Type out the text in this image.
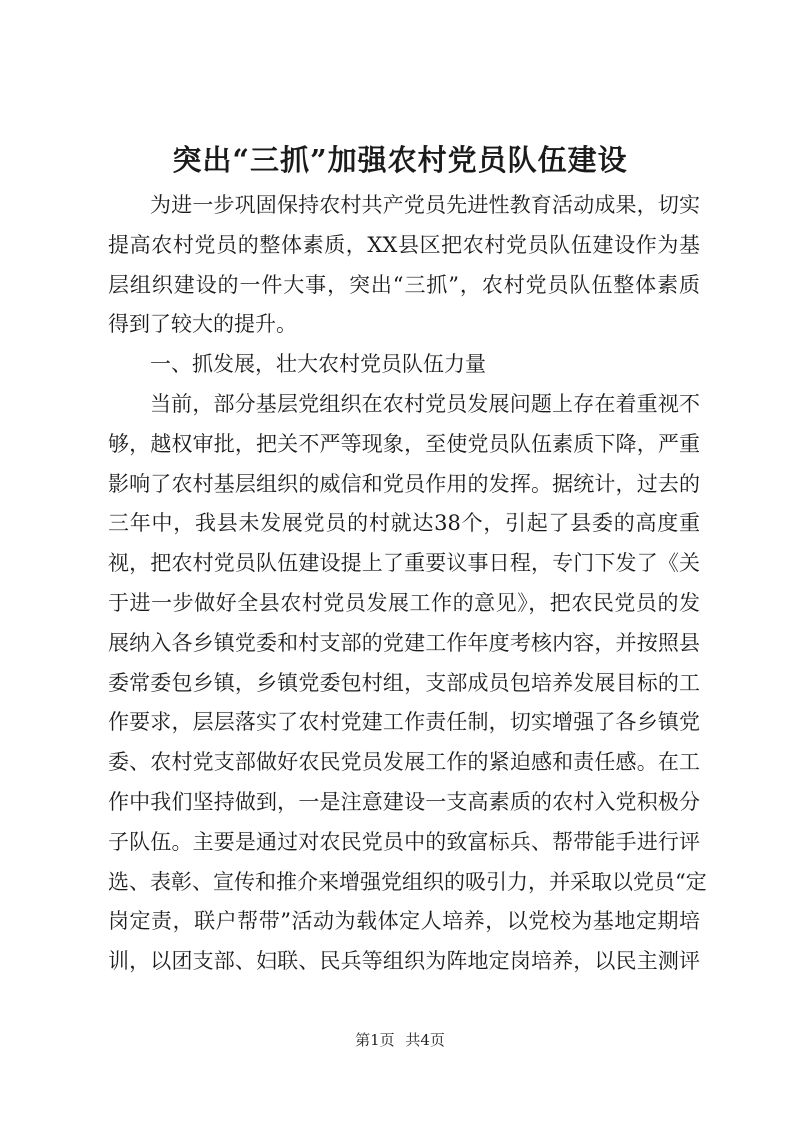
突出“三抓”加强农村党员队伍建设
为进一步巩固保持农村共产党员先进性教育活动成果，切实
提高农村党员的整体素质，XX县区把农村党员队伍建设作为基
层组织建设的一件大事，突出“三抓”，农村党员队伍整体素质
得到了较大的提升。
一、抓发展，壮大农村党员队伍力量
当前，部分基层党组织在农村党员发展问题上存在着重视不
够，越权审批，把关不严等现象，至使党员队伍素质下降，严重
影响了农村基层组织的威信和党员作用的发挥。据统计，过去的
三年中，我县未发展党员的村就达38个，引起了县委的高度重
视，把农村党员队伍建设提上了重要议事日程，专门下发了《关
于进一步做好全县农村党员发展工作的意见》，把农民党员的发
展纳入各乡镇党委和村支部的党建工作年度考核内容，并按照县
委常委包乡镇，乡镇党委包村组，支部成员包培养发展目标的工
作要求，层层落实了农村党建工作责任制，切实增强了各乡镇党
委、农村党支部做好农民党员发展工作的紧迫感和责任感。在工
作中我们坚持做到，一是注意建设一支高素质的农村入党积极分
子队伍。主要是通过对农民党员中的致富标兵、帮带能手进行评
选、表彰、宣传和推介来增强党组织的吸引力，并采取以党员“定
岗定责，联户帮带”活动为载体定人培养，以党校为基地定期培
训，以团支部、妇联、民兵等组织为阵地定岗培养，以民主测评
第1页 共4页
